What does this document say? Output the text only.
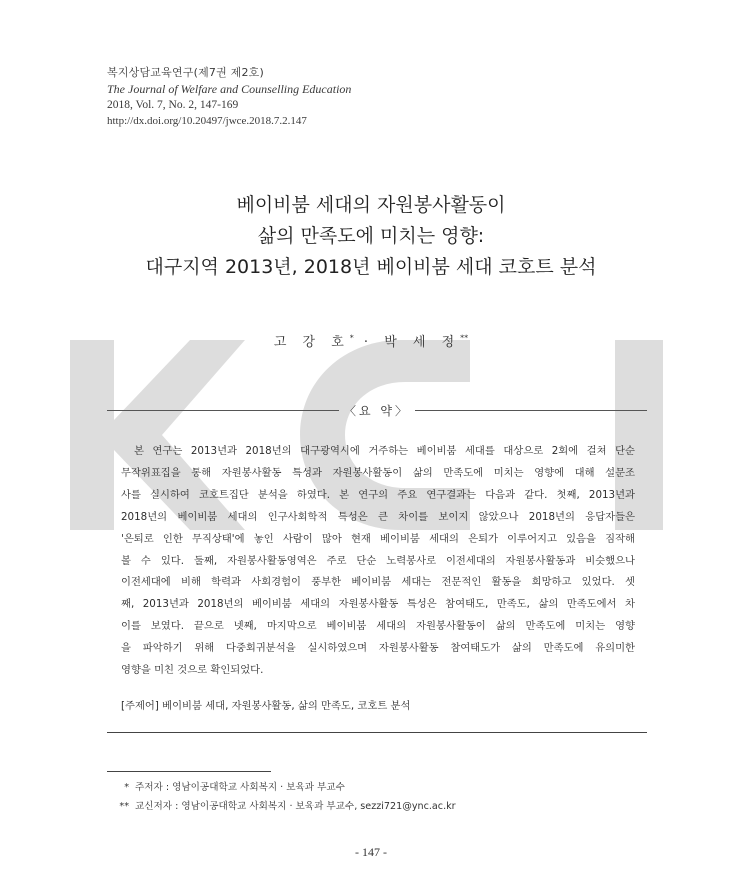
복지상담교육연구(제7권 제2호)
The Journal of Welfare and Counselling Education
2018, Vol. 7, No. 2, 147-169
http://dx.doi.org/10.20497/jwce.2018.7.2.147
베이비붐 세대의 자원봉사활동이
삶의 만족도에 미치는 영향:
대구지역 2013년, 2018년 베이비붐 세대 코호트 분석
고 강 호* · 박 세 정**
〈요 약〉
본 연구는 2013년과 2018년의 대구광역시에 거주하는 베이비붐 세대를 대상으로 2회에 걸쳐 단순
무작위표집을 통해 자원봉사활동 특성과 자원봉사활동이 삶의 만족도에 미치는 영향에 대해 설문조
사를 실시하여 코호트집단 분석을 하였다. 본 연구의 주요 연구결과는 다음과 같다. 첫째, 2013년과
2018년의 베이비붐 세대의 인구사회학적 특성은 큰 차이를 보이지 않았으나 2018년의 응답자들은
'은퇴로 인한 무직상태'에 놓인 사람이 많아 현재 베이비붐 세대의 은퇴가 이루어지고 있음을 짐작해
볼 수 있다. 둘째, 자원봉사활동영역은 주로 단순 노력봉사로 이전세대의 자원봉사활동과 비슷했으나
이전세대에 비해 학력과 사회경험이 풍부한 베이비붐 세대는 전문적인 활동을 희망하고 있었다. 셋
째, 2013년과 2018년의 베이비붐 세대의 자원봉사활동 특성은 참여태도, 만족도, 삶의 만족도에서 차
이를 보였다. 끝으로 넷째, 마지막으로 베이비붐 세대의 자원봉사활동이 삶의 만족도에 미치는 영향
을 파악하기 위해 다중회귀분석을 실시하였으며 자원봉사활동 참여태도가 삶의 만족도에 유의미한
영향을 미친 것으로 확인되었다.
[주제어] 베이비붐 세대, 자원봉사활동, 삶의 만족도, 코호트 분석
* 주저자 : 영남이공대학교 사회복지 · 보육과 부교수
** 교신저자 : 영남이공대학교 사회복지 · 보육과 부교수, sezzi721@ync.ac.kr
- 147 -
